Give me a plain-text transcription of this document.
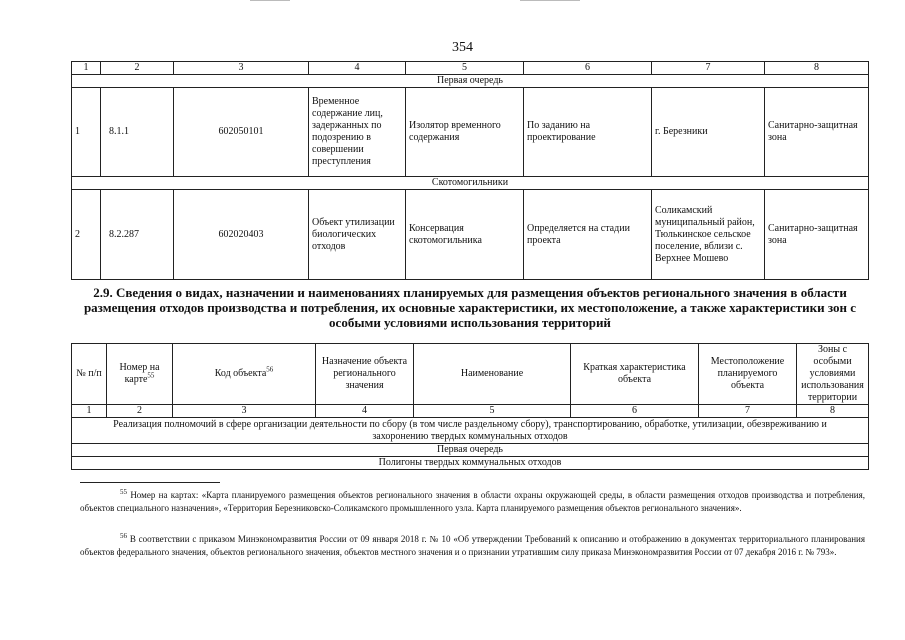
354
1	2	3	4	5	6	7	8
Первая очередь							
1	8.1.1	602050101	Временное содержание лиц, задержанных по подозрению в совершении преступления	Изолятор временного содержания	По заданию на проектирование	г. Березники	Санитарно-защитная зона
Скотомогильники							
2	8.2.287	602020403	Объект утилизации биологических отходов	Консервация скотомогильника	Определяется на стадии проекта	Соликамский муниципальный район, Тюлькинское сельское поселение, вблизи с. Верхнее Мошево	Санитарно-защитная зона
2.9. Сведения о видах, назначении и наименованиях планируемых для размещения объектов регионального значения в области размещения отходов производства и потребления, их основные характеристики, их местоположение, а также характеристики зон с особыми условиями использования территорий
№ п/п	Номер на карте$^{55}$	Код объекта$^{56}$	Назначение объекта регионального значения	Наименование	Краткая характеристика объекта	Местоположение планируемого объекта	Зоны с особыми условиями использования территории
1	2	3	4	5	6	7	8
Реализация полномочий в сфере организации деятельности по сбору (в том числе раздельному сбору), транспортированию, обработке, утилизации, обезвреживанию и захоронению твердых коммунальных отходов							
Первая очередь							
Полигоны твердых коммунальных отходов							
$^{55}$ Номер на картах: «Карта планируемого размещения объектов регионального значения в области охраны окружающей среды, в области размещения отходов производства и потребления, объектов специального назначения», «Территория Березниковско-Соликамского промышленного узла. Карта планируемого размещения объектов регионального значения».
$^{56}$ В соответствии с приказом Минэкономразвития России от 09 января 2018 г. № 10 «Об утверждении Требований к описанию и отображению в документах территориального планирования объектов федерального значения, объектов регионального значения, объектов местного значения и о признании утратившим силу приказа Минэкономразвития России от 07 декабря 2016 г. № 793».
